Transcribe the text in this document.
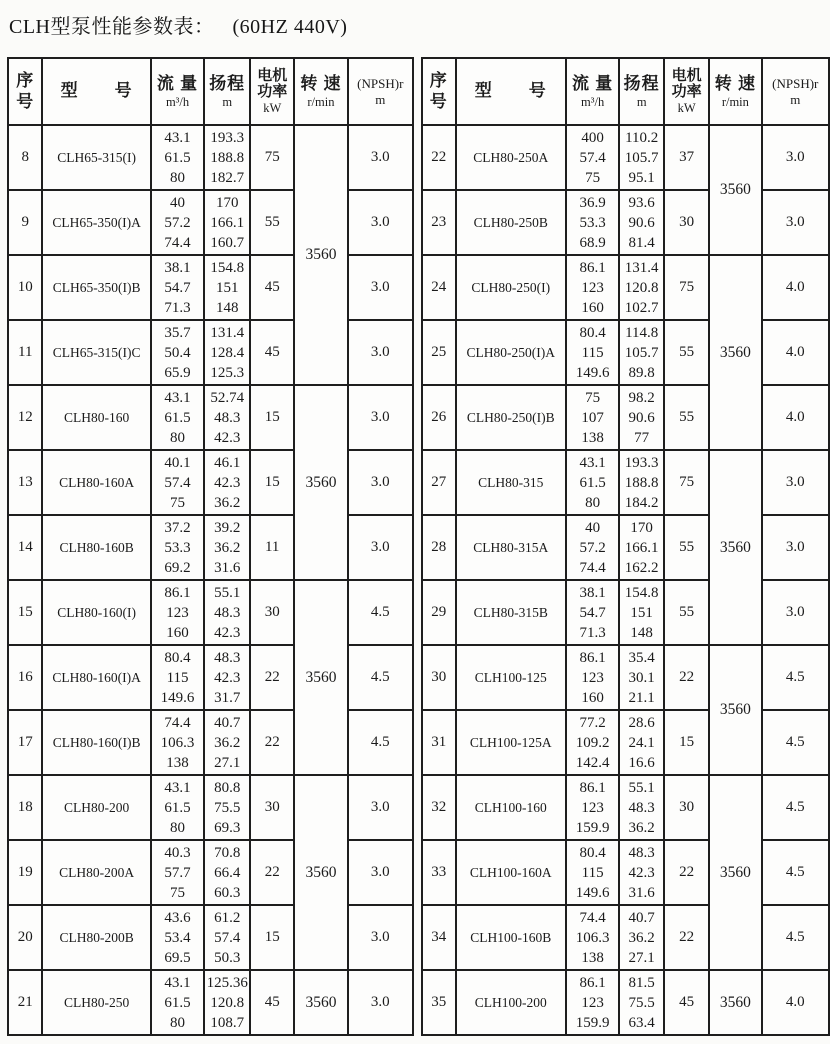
CLH型泵性能参数表： (60HZ 440V)
序
号	型　　号	流 量
m³/h	扬程
m	电机
功率
kW	转 速
r/min	(NPSH)r
m

8	CLH65-315(I)	43.1
61.5
80	193.3
188.8
182.7	75	3560	3.0
9	CLH65-350(I)A	40
57.2
74.4	170
166.1
160.7	55		3.0
10	CLH65-350(I)B	38.1
54.7
71.3	154.8
151
148	45		3.0
11	CLH65-315(I)C	35.7
50.4
65.9	131.4
128.4
125.3	45		3.0
12	CLH80-160	43.1
61.5
80	52.74
48.3
42.3	15	3560	3.0
13	CLH80-160A	40.1
57.4
75	46.1
42.3
36.2	15		3.0
14	CLH80-160B	37.2
53.3
69.2	39.2
36.2
31.6	11		3.0
15	CLH80-160(I)	86.1
123
160	55.1
48.3
42.3	30	3560	4.5
16	CLH80-160(I)A	80.4
115
149.6	48.3
42.3
31.7	22		4.5
17	CLH80-160(I)B	74.4
106.3
138	40.7
36.2
27.1	22		4.5
18	CLH80-200	43.1
61.5
80	80.8
75.5
69.3	30	3560	3.0
19	CLH80-200A	40.3
57.7
75	70.8
66.4
60.3	22		3.0
20	CLH80-200B	43.6
53.4
69.5	61.2
57.4
50.3	15		3.0
21	CLH80-250	43.1
61.5
80	125.36
120.8
108.7	45	3560	3.0
序
号	型　　号	流 量
m³/h	扬程
m	电机
功率
kW	转 速
r/min	(NPSH)r
m

22	CLH80-250A	400
57.4
75	110.2
105.7
95.1	37	3560	3.0
23	CLH80-250B	36.9
53.3
68.9	93.6
90.6
81.4	30		3.0
24	CLH80-250(I)	86.1
123
160	131.4
120.8
102.7	75	3560	4.0
25	CLH80-250(I)A	80.4
115
149.6	114.8
105.7
89.8	55		4.0
26	CLH80-250(I)B	75
107
138	98.2
90.6
77	55		4.0
27	CLH80-315	43.1
61.5
80	193.3
188.8
184.2	75	3560	3.0
28	CLH80-315A	40
57.2
74.4	170
166.1
162.2	55		3.0
29	CLH80-315B	38.1
54.7
71.3	154.8
151
148	55		3.0
30	CLH100-125	86.1
123
160	35.4
30.1
21.1	22	3560	4.5
31	CLH100-125A	77.2
109.2
142.4	28.6
24.1
16.6	15		4.5
32	CLH100-160	86.1
123
159.9	55.1
48.3
36.2	30	3560	4.5
33	CLH100-160A	80.4
115
149.6	48.3
42.3
31.6	22		4.5
34	CLH100-160B	74.4
106.3
138	40.7
36.2
27.1	22		4.5
35	CLH100-200	86.1
123
159.9	81.5
75.5
63.4	45	3560	4.0
